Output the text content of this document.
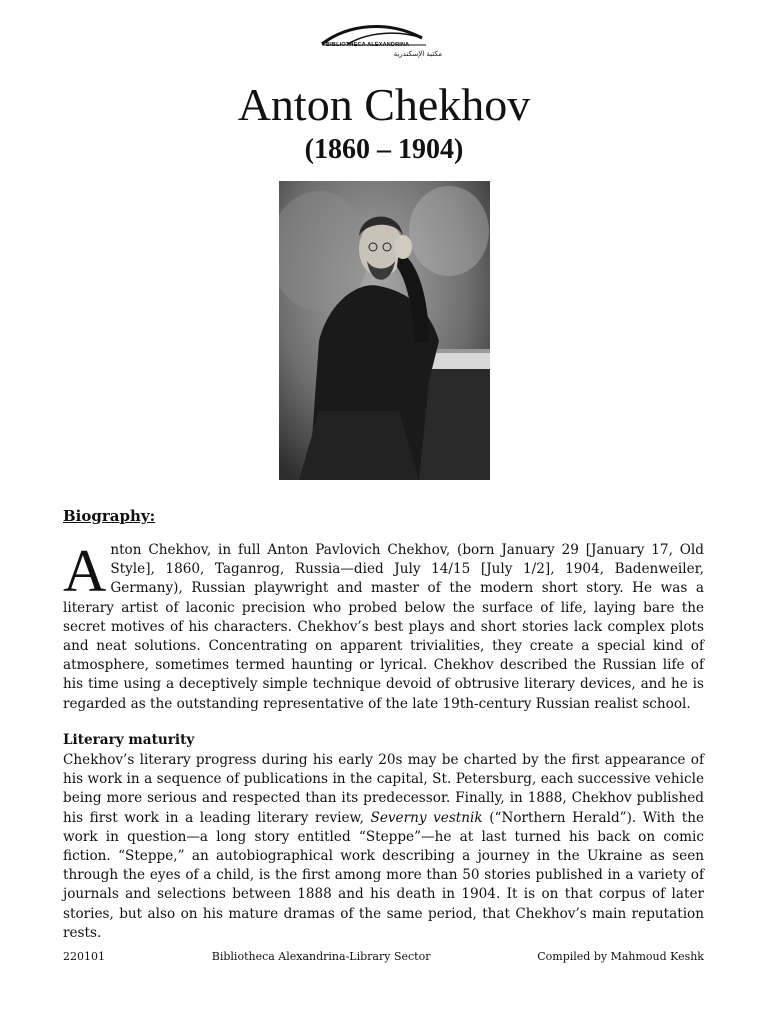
BIBLIOTHECA ALEXANDRINA
مكتبة الإسكندرية
Anton Chekhov
(1860 – 1904)
Biography:

Anton Chekhov, in full Anton Pavlovich Chekhov, (born January 29 [January 17, Old Style], 1860, Taganrog, Russia—died July 14/15 [July 1/2], 1904, Badenweiler, Germany), Russian playwright and master of the modern short story. He was a literary artist of laconic precision who probed below the surface of life, laying bare the secret motives of his characters. Chekhov’s best plays and short stories lack complex plots and neat solutions. Concentrating on apparent trivialities, they create a special kind of atmosphere, sometimes termed haunting or lyrical. Chekhov described the Russian life of his time using a deceptively simple technique devoid of obtrusive literary devices, and he is regarded as the outstanding representative of the late 19th-century Russian realist school.

Literary maturity

Chekhov’s literary progress during his early 20s may be charted by the first appearance of his work in a sequence of publications in the capital, St. Petersburg, each successive vehicle being more serious and respected than its predecessor. Finally, in 1888, Chekhov published his first work in a leading literary review, Severny vestnik (“Northern Herald”). With the work in question—a long story entitled “Steppe”—he at last turned his back on comic fiction. “Steppe,” an autobiographical work describing a journey in the Ukraine as seen through the eyes of a child, is the first among more than 50 stories published in a variety of journals and selections between 1888 and his death in 1904. It is on that corpus of later stories, but also on his mature dramas of the same period, that Chekhov’s main reputation rests.

220101	Bibliotheca Alexandrina-Library Sector	Compiled by Mahmoud Keshk
